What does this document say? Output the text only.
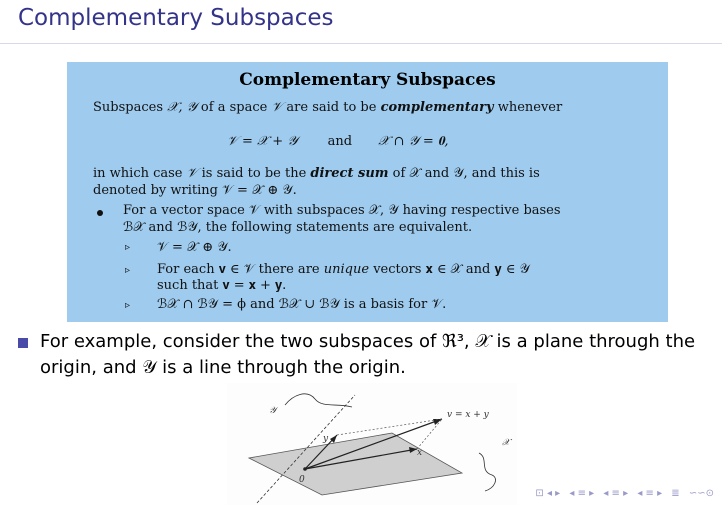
Complementary Subspaces
Complementary Subspaces
Subspaces 𝒳, 𝒴 of a space 𝒱 are said to be complementary whenever
𝒱 = 𝒳 + 𝒴 and 𝒳 ∩ 𝒴 = 𝟎,
in which case 𝒱 is said to be the direct sum of 𝒳 and 𝒴, and this is
denoted by writing 𝒱 = 𝒳 ⊕ 𝒴.
For a vector space 𝒱 with subspaces 𝒳, 𝒴 having respective bases
ℬ𝒳 and ℬ𝒴, the following statements are equivalent.
▹ 𝒱 = 𝒳 ⊕ 𝒴.
▹ For each 𝐯 ∈ 𝒱 there are unique vectors 𝐱 ∈ 𝒳 and 𝐲 ∈ 𝒴
such that 𝐯 = 𝐱 + 𝐲.
▹ ℬ𝒳 ∩ ℬ𝒴 = ϕ and ℬ𝒳 ∪ ℬ𝒴 is a basis for 𝒱.
For example, consider the two subspaces of ℜ³, 𝒳 is a plane through the
origin, and 𝒴 is a line through the origin.
𝒴
y
v = x + y
x
𝒳
0
⊡ ◂ ▸ ◂ ≡ ▸ ◂ ≡ ▸ ◂ ≡ ▸ ≣ ∽∽⊙
